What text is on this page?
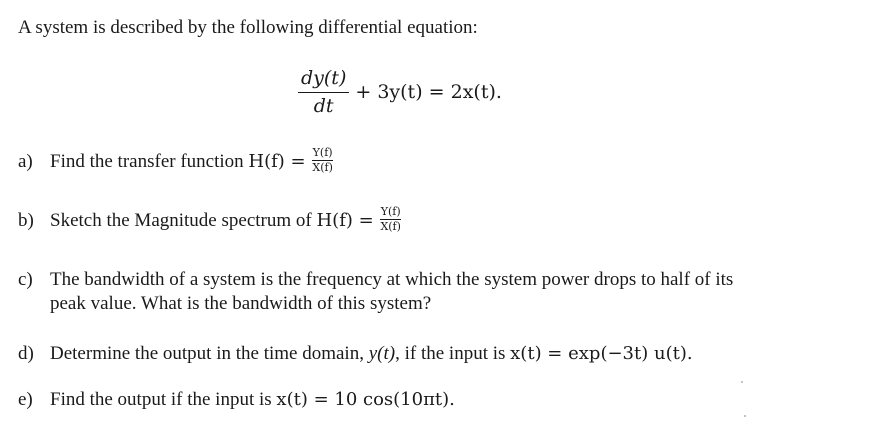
A system is described by the following differential equation:
$\frac{dy(t)}{dt} + 3y(t) = 2x(t)$.
a) Find the transfer function $H(f) = \frac{Y(f)}{X(f)}$
b) Sketch the Magnitude spectrum of $H(f) = \frac{Y(f)}{X(f)}$
c) The bandwidth of a system is the frequency at which the system power drops to half of its
peak value. What is the bandwidth of this system?
d) Determine the output in the time domain, y(t), if the input is x(t) = exp(−3t) u(t).
e) Find the output if the input is x(t) = 10 cos(10πt).
